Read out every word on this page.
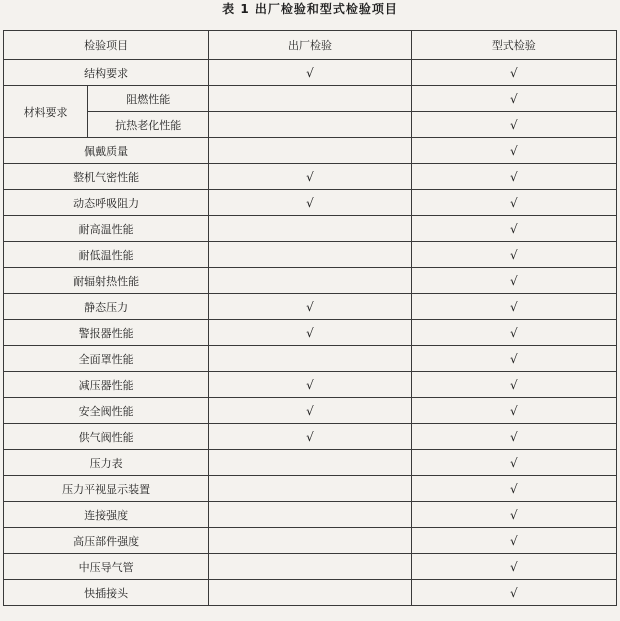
表 1 出厂检验和型式检验项目
检验项目		出厂检验	型式检验
结构要求		√	√
材料要求	阻燃性能		√
	抗热老化性能		√
佩戴质量			√
整机气密性能		√	√
动态呼吸阻力		√	√
耐高温性能			√
耐低温性能			√
耐辐射热性能			√
静态压力		√	√
警报器性能		√	√
全面罩性能			√
减压器性能		√	√
安全阀性能		√	√
供气阀性能		√	√
压力表			√
压力平视显示装置			√
连接强度			√
高压部件强度			√
中压导气管			√
快插接头			√
